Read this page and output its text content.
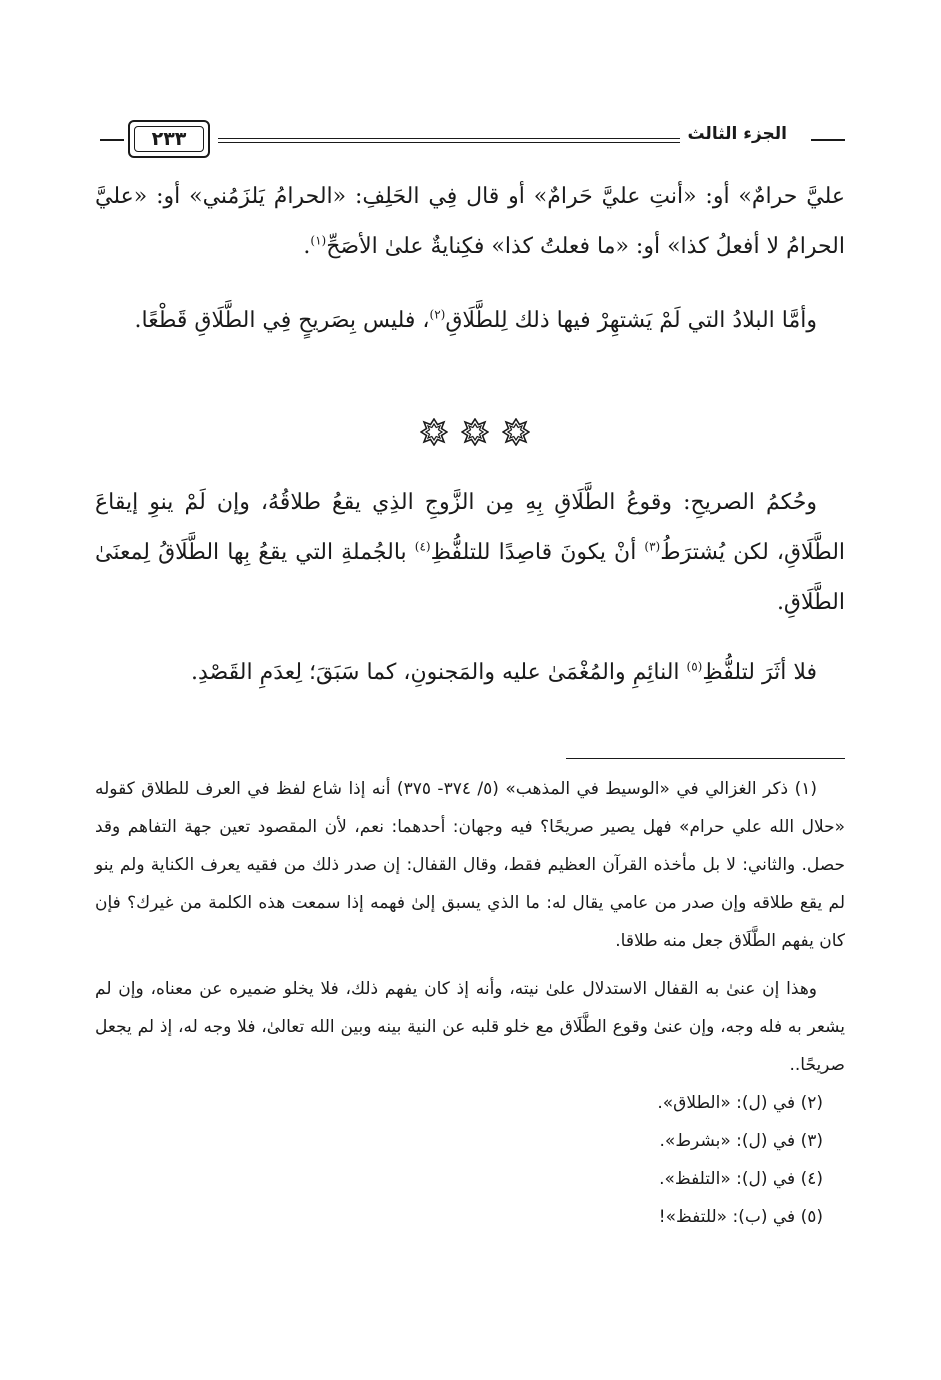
الجزء الثالث
٢٣٣

عليَّ حرامٌ» أو: «أنتِ عليَّ حَرامٌ» أو قال فِي الحَلِفِ: «الحرامُ يَلزَمُني» أو: «عليَّ الحرامُ لا أفعلُ كذا» أو: «ما فعلتُ كذا» فكِنايةٌ علىٰ الأصَحِّ$^{(١)}$.

وأمَّا البلادُ التي لَمْ يَشتهِرْ فيها ذلك لِلطَّلَاقِ$^{(٢)}$، فليس بِصَريحٍ فِي الطَّلَاقِ قَطْعًا.

وحُكمُ الصريحِ: وقوعُ الطَّلَاقِ بِهِ مِن الزَّوجِ الذِي يقعُ طلاقُهُ، وإن لَمْ ينوِ إيقاعَ الطَّلَاقِ، لكن يُشترَطُ$^{(٣)}$ أنْ يكونَ قاصِدًا للتلفُّظِ$^{(٤)}$ بالجُملةِ التي يقعُ بِها الطَّلَاقُ لِمعنَىٰ الطَّلَاقِ.

فلا أثَرَ لتلفُّظِ$^{(٥)}$ النائِمِ والمُغْمَىٰ عليه والمَجنونِ، كما سَبَقَ؛ لِعدَمِ القَصْدِ.

(١) ذكر الغزالي في «الوسيط في المذهب» (٥/ ٣٧٤- ٣٧٥) أنه إذا شاع لفظ في العرف للطلاق كقوله «حلال الله علي حرام» فهل يصير صريحًا؟ فيه وجهان: أحدهما: نعم، لأن المقصود تعين جهة التفاهم وقد حصل. والثاني: لا بل مأخذه القرآن العظيم فقط، وقال القفال: إن صدر ذلك من فقيه يعرف الكناية ولم ينو لم يقع طلاقه وإن صدر من عامي يقال له: ما الذي يسبق إلىٰ فهمه إذا سمعت هذه الكلمة من غيرك؟ فإن كان يفهم الطَّلَاق جعل منه طلاقا.

وهذا إن عنىٰ به القفال الاستدلال علىٰ نيته، وأنه إذ كان يفهم ذلك، فلا يخلو ضميره عن معناه، وإن لم يشعر به فله وجه، وإن عنىٰ وقوع الطَّلَاق مع خلو قلبه عن النية بينه وبين الله تعالىٰ، فلا وجه له، إذ لم يجعل صريحًا..

(٢) في (ل): «الطلاق».

(٣) في (ل): «بشرط».

(٤) في (ل): «التلفظ».

(٥) في (ب): «للتفظ»!
